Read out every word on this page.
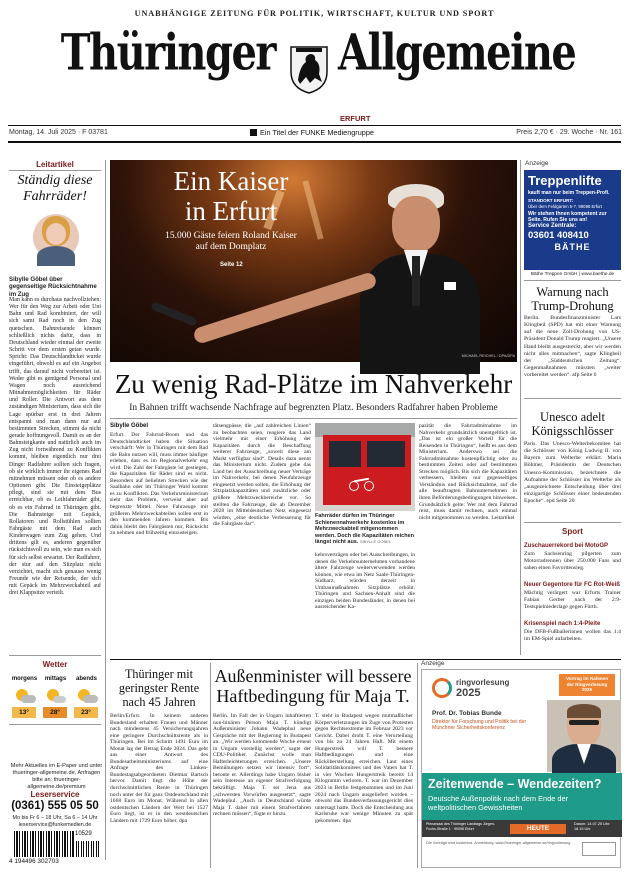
UNABHÄNGIGE ZEITUNG FÜR POLITIK, WIRTSCHAFT, KULTUR UND SPORT
Thüringer Allgemeine
ERFURT
Montag, 14. Juli 2025 · F 03781	Ein Titel der FUNKE Mediengruppe	Preis 2,70 € · 29. Woche · Nr. 161
Leitartikel
Ständig diese Fahrräder!
Sibylle Göbel über gegenseitige Rücksichtnahme im Zug
Man kann es durchaus nachvollziehen: Wer für den Weg zur Arbeit oder Uni Bahn und Rad kombiniert, der will sich samt Rad noch in den Zug quetschen. Bahnreisende können schließlich nichts dafür, dass in Deutschland wieder einmal der zweite Schritt vor dem ersten getan wurde. Spricht: Das Deutschlandticket wurde eingeführt, obwohl es auf ein Angebot trifft, das darauf nicht vorbereitet ist. Weder gibt es genügend Personal und Wagen noch ausreichend Mitnahmemöglichkeiten für Räder und Roller. Die Antwort aus dem zuständigen Ministerium, dass sich die Lage spürbar erst in drei Jahren entspannt und man dann nur auf bestimmten Strecken, stimmt da nicht gerade hoffnungsvoll. Damit es an der Bahnsteigkante und natürlich auch im Zug nicht fortwährend zu Konflikten kommt, bleiben eigentlich nur drei Dinge: Radfahrer sollten sich fragen, ob sie wirklich immer ihr eigenes Rad mitnehmen müssen oder ob es andere Optionen gibt. Die Einsteigeplätze pflegt, sind sie mit dem Bus erreichbar, ob es Leihfahrräder gibt, ob es ein Fahrrad in Thüringen gibt. Die Bahnsteige mit Gepäck, Rollatoren und Rollstühlen sollten Fahrgäste mit dem Rad auch Kinderwagen zum Zug gehen. Und drittens gilt es, anderen gegenüber rücksichtsvoll zu sein, wie man es sich für sich selbst erwartet. Der Radfahrer, der stur auf den Sitzplatz nicht verzichtet, macht sich genauso wenig Freunde wie der Reisende, der sich mit Gepäck im Mehrzweckabteil auf drei Klappsitze verteilt.
Wetter
morgens	mittags	abends
13°	28°	23°
Mehr Aktuelles im E-Paper und unter thueringer-allgemeine.de, Anfragen bitte an: thueringer-allgemeine.de/premium
Leserservice
(0361) 555 05 50
Mo bis Fr 6 – 18 Uhr, Sa 6 – 14 Uhr leserservice@funkemedien.de
10529
4 194496 302703
Ein Kaiser
in Erfurt
15.000 Gäste feiern Roland Kaiser auf dem Domplatz
Seite 12
MICHAEL REICHEL / DPA/DPA
Anzeige
Treppenlifte
kauft man nur beim Treppen-Profi.
STANDORT ERFURT:
Über dem Feldgarten 5-7, 99098 Erfurt
Wir stehen Ihnen kompetent zur Seite. Rufen Sie uns an!
Service Zentrale:
03601 408410
BÄTHE
Bäthe Treppen GmbH | www.baethe.de
Warnung nach Trump-Drohung
Berlin. Bundesfinanzminister Lars Klingbeil (SPD) hat mit einer Warnung auf die neue Zoll-Drohung von US-Präsident Donald Trump reagiert. „Unsere Hand bleibt ausgestreckt, aber wir werden nicht alles mitmachen“, sagte Klingbeil der „Süddeutschen Zeitung“. Gegenmaßnahmen müssten „weiter vorbereitet werden“. afp Seite 6
Zu wenig Rad-Plätze im Nahverkehr
In Bahnen trifft wachsende Nachfrage auf begrenzten Platz. Besonders Radfahrer haben Probleme
Sibylle Göbel
Erfurt. Der Fahrrad-Boom und das Deutschlandticket haben die Situation verschärft: Wer in Thüringen mit dem Rad die Bahn nutzen will, muss immer häufiger erleben, dass es im Regionalverkehr eng wird. Die Zahl der Fahrgäste ist gestiegen, die Kapazitäten für Räder sind es nicht. Besonders auf beliebten Strecken wie der Saalbahn oder im Thüringer Wald kommt es zu Konflikten. Das Verkehrsministerium sieht das Problem, verweist aber auf begrenzte Mittel. Neue Fahrzeuge mit größeren Mehrzweckabteilen sollen erst in den kommenden Jahren kommen. Bis dahin bleibt den Fahrgästen nur, Rücksicht zu nehmen und frühzeitig einzusteigen.
tätsengpässe, die „auf zahlreichen Linien“ zu beobachten seien, reagiere das Land vielmehr mit einer Erhöhung der Kapazitäten durch die Beschaffung weiterer Fahrzeuge, „soweit diese am Markt verfügbar sind“. Details dazu nennt das Ministerium nicht. Zudem gebe das Land bei der Ausschreibung neuer Verträge im Nahverkehr, bei denen Neufahrzeuge eingesetzt werden sollen, die Erhöhung der Sitzplatzkapazitäten und zusätzliche oder größere Mehrzweckbereiche vor. So stellten die Fahrzeuge, die ab Dezember 2028 im Mitteldeutschen Netz eingesetzt würden, „eine deutliche Verbesserung für die Fahrgäste dar“.
Fahrräder dürfen im Thüringer Schienennahverkehr kostenlos im Mehrzweckabteil mitgenommen werden. Doch die Kapazitäten reichen längst nicht aus. SIBYLLE GÖBEL
kehrsverträgen oder bei Ausschreibungen, in denen die Verkehrsunternehmen vorhandene ältere Fahrzeuge weiterverwenden werden können, wie etwa im Netz Saale-Thüringen-Südharz, würden derzeit in Umbaumaßnahmen Sitzplätze erhöht. Thüringen und Sachsen-Anhalt sind die einzigen beiden Bundesländer, in denen bei ausreichender Ka-
pazität die Fahrradmitnahme im Nahverkehr grundsätzlich unentgeltlich ist. „Das ist ein großer Vorteil für die Reisenden in Thüringen“, heißt es aus dem Ministerium. Anderswo sei die Fahrradmitnahme kostenpflichtig oder zu bestimmten Zeiten oder auf bestimmten Strecken möglich. Bis sich die Kapazitäten verbessern, bleiben nur gegenseitiges Verständnis und Rücksichtnahme, auf die alle beauftragten Bahnunternehmen in ihren Beförderungsbedingungen hinweisen. Grundsätzlich gelte: Wer mit dem Fahrrad reist, muss damit rechnen, auch einmal nicht mitgenommen zu werden. Leitartikel
Unesco adelt Königsschlösser
Paris. Das Unesco-Welterbekomitee hat die Schlösser von König Ludwig II. von Bayern zum Welterbe erklärt. Maria Böhmer, Präsidentin der Deutschen Unesco-Kommission, bezeichnete die Aufnahme der Schlösser ins Welterbe als „ausgezeichnete Entscheidung über drei einzigartige Schlösser einer bedeutenden Epoche“. epd Seite 20
Sport
Zuschauerrekord bei MotoGP
Zum Sachsenring pilgerten zum Motorradrennen über 250.000 Fans und sahen einen Favoritensieg.
Neuer Gegentore für FC Rot-Weiß
Mächtig verärgert war Erfurts Trainer Fabian Gerber nach der 2:9-Testspielniederlage gegen Fürth.
Krisenspiel nach 1:4-Pleite
Die DFB-Fußballerinnen wollen das 1:4 im EM-Spiel aufarbeiten.
Thüringer mit geringster Rente nach 45 Jahren
Berlin/Erfurt. In keinem anderen Bundesland erhalten Frauen und Männer nach mindestens 45 Versicherungsjahren eine geringere Durchschnittsrente als in Thüringen. Bei im Schnitt 1491 Euro im Monat lag der Betrag Ende 2024. Das geht aus einer Antwort des Bundesarbeitsministeriums auf eine Anfrage des Linken-Bundestagsabgeordneten Dietmar Bartsch hervor. Damit liegt die Höhe der durchschnittlichen Rente in Thüringen noch unter der für ganz Ostdeutschland mit 1668 Euro im Monat. Während in allen ostdeutschen Ländern der Wert bei 1527 Euro liegt, ist er in den westdeutschen Ländern mit 1729 Euro höher. dpa
Außenminister will bessere Haftbedingung für Maja T.
Berlin. Im Fall der in Ungarn inhaftierten non-binären Person Maja T. kündigt Außenminister Johann Wadephul neue Gespräche mit der Regierung in Budapest an. „Wir werden kommende Woche erneut in Ungarn vorstellig werden“, sagte der CDU-Politiker. Zunächst wolle man Hafterleichterungen erreichen. „Unsere Bemühungen setzen wir intensiv fort“, betonte er. Allerdings habe Ungarn bisher sein Interesse an eigener Strafverfolgung bekräftigt. Maja T. sei Jena aus „schwersten Vorwürfen ausgesetzt“, sagte Wadephul. „Auch in Deutschland würde Maja T. daher mit einem Strafverfahren rechnen müssen“, fügte er hinzu.
T. steht in Budapest wegen mutmaßlicher Körperverletzungen im Zuge von Protesten gegen Rechtsextreme im Februar 2023 vor Gericht. Dabei droht T. eine Verurteilung von bis zu 24 Jahren Haft. Mit einem Hungerstreik will T. bessere Haftbedingungen und eine Rücküberstellung erreichen. Laut eines Solidaritätskomitees und des Vaters hat T. in vier Wochen Hungerstreik bereits 14 Kilogramm verloren. T. war im Dezember 2023 in Berlin festgenommen und im Juni 2024 nach Ungarn ausgeliefert worden – obwohl das Bundesverfassungsgericht dies untersagt hatte. Doch die Entscheidung aus Karlsruhe war wenige Minuten zu spät gekommen. dpa
Anzeige
Vortrag im Rahmen der Ringvorlesung 2025
ringvorlesung
2025
Prof. Dr. Tobias Bunde
Direktor für Forschung und Politik bei der Münchner Sicherheitskonferenz
Zeitenwende – Wendezeiten?
Deutsche Außenpolitik nach dem Ende der weltpolitischen Gewissheiten
Plenarsaal des Thüringer Landtags Jürgen-Fuchs-Straße 1 · 99096 Erfurt	HEUTE
Datum: 14.07.25 Uhr: 18.15 Uhr
Die Vorträge sind kostenlos. Anmeldung: www.thueringer-allgemeine.de/ringvorlesung
